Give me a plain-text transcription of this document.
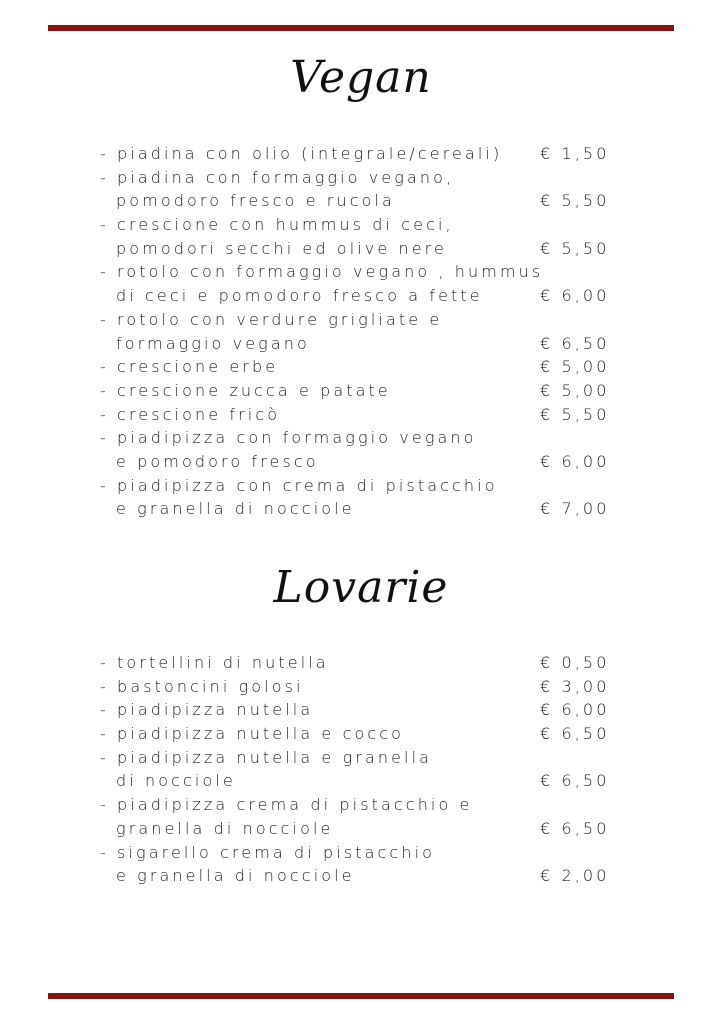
Vegan
- piadina con olio (integrale/cereali) € 1,50
- piadina con formaggio vegano,
pomodoro fresco e rucola	€ 5,50
- crescione con hummus di ceci,
pomodori secchi ed olive nere	€ 5,50
- rotolo con formaggio vegano , hummus
di ceci e pomodoro fresco a fette	€ 6,00
- rotolo con verdure grigliate e
formaggio vegano	€ 6,50
- crescione erbe	€ 5,00
- crescione zucca e patate	€ 5,00
- crescione fricò	€ 5,50
- piadipizza con formaggio vegano
e pomodoro fresco	€ 6,00
- piadipizza con crema di pistacchio
e granella di nocciole	€ 7,00
Lovarie
- tortellini di nutella	€ 0,50
- bastoncini golosi	€ 3,00
- piadipizza nutella	€ 6,00
- piadipizza nutella e cocco	€ 6,50
- piadipizza nutella e granella
di nocciole	€ 6,50
- piadipizza crema di pistacchio e
granella di nocciole	€ 6,50
- sigarello crema di pistacchio
e granella di nocciole	€ 2,00
